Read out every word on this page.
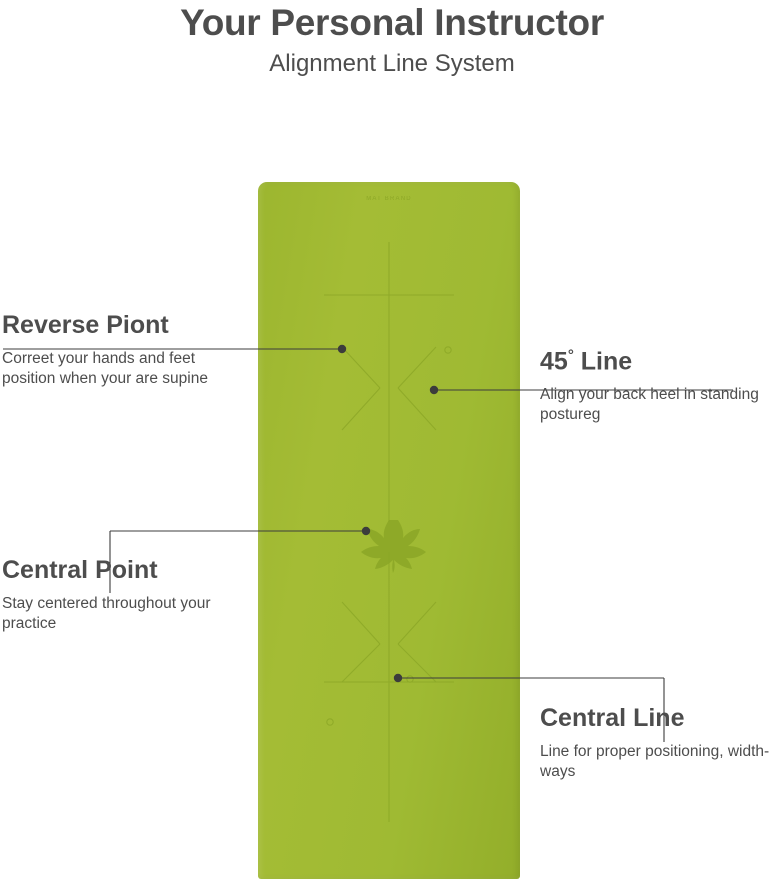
Your Personal Instructor
Alignment Line System
MAT BRAND
Reverse Piont

Correet your hands and feet position when your are supine

45° Line

Align your back heel in standing postureg

Central Point

Stay centered throughout your practice

Central Line

Line for proper positioning, width-ways
